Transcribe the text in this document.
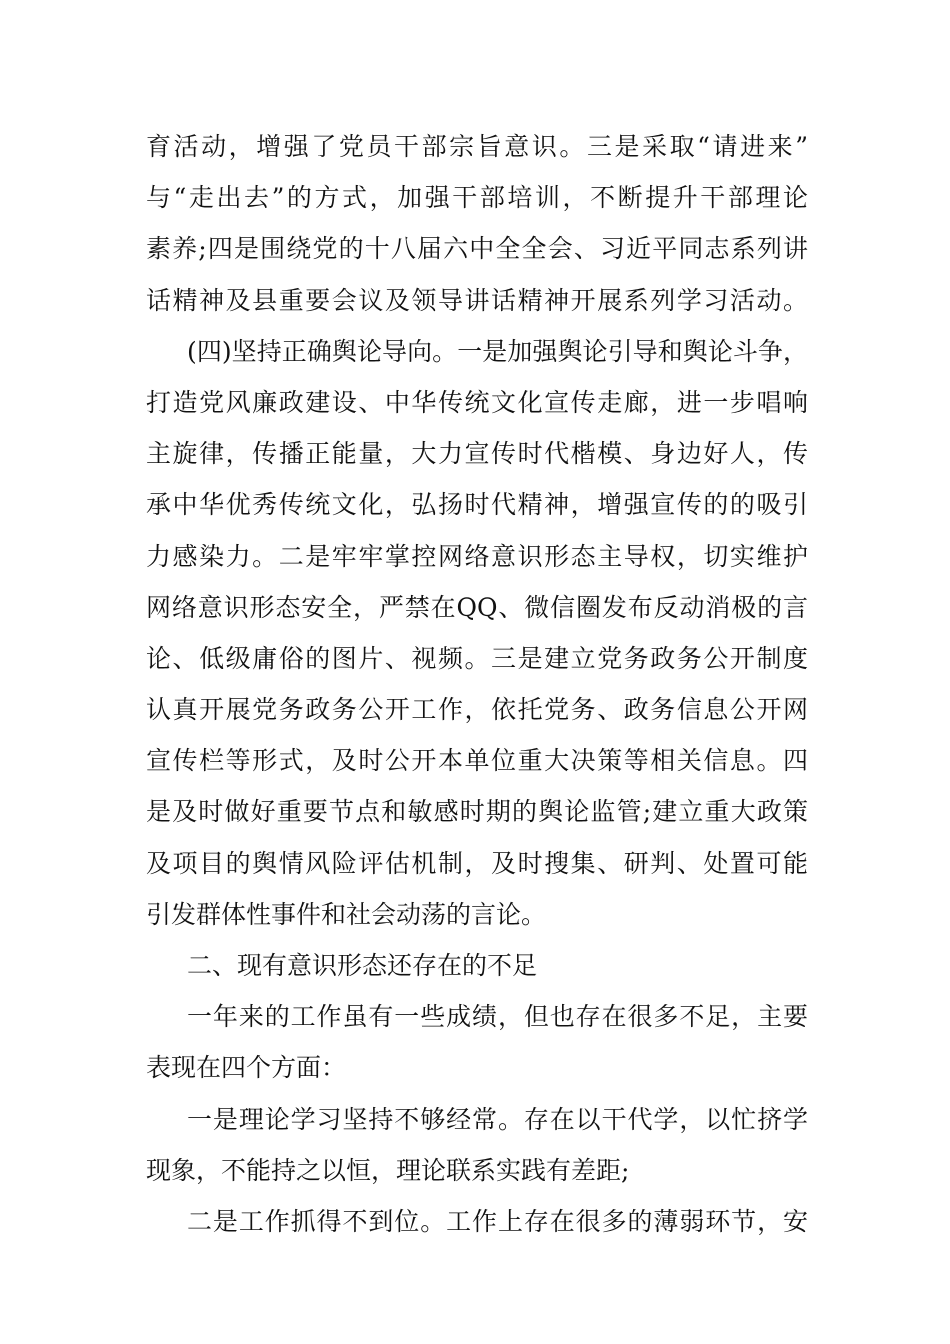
育活动，增强了党员干部宗旨意识。三是采取“请进来”
与“走出去”的方式，加强干部培训，不断提升干部理论
素养;四是围绕党的十八届六中全全会、习近平同志系列讲
话精神及县重要会议及领导讲话精神开展系列学习活动。
(四)坚持正确舆论导向。一是加强舆论引导和舆论斗争，
打造党风廉政建设、中华传统文化宣传走廊，进一步唱响
主旋律，传播正能量，大力宣传时代楷模、身边好人，传
承中华优秀传统文化，弘扬时代精神，增强宣传的的吸引
力感染力。二是牢牢掌控网络意识形态主导权，切实维护
网络意识形态安全，严禁在QQ、微信圈发布反动消极的言
论、低级庸俗的图片、视频。三是建立党务政务公开制度
认真开展党务政务公开工作，依托党务、政务信息公开网
宣传栏等形式，及时公开本单位重大决策等相关信息。四
是及时做好重要节点和敏感时期的舆论监管;建立重大政策
及项目的舆情风险评估机制，及时搜集、研判、处置可能
引发群体性事件和社会动荡的言论。
二、现有意识形态还存在的不足
一年来的工作虽有一些成绩，但也存在很多不足，主要
表现在四个方面：
一是理论学习坚持不够经常。存在以干代学，以忙挤学
现象，不能持之以恒，理论联系实践有差距;
二是工作抓得不到位。工作上存在很多的薄弱环节，安
